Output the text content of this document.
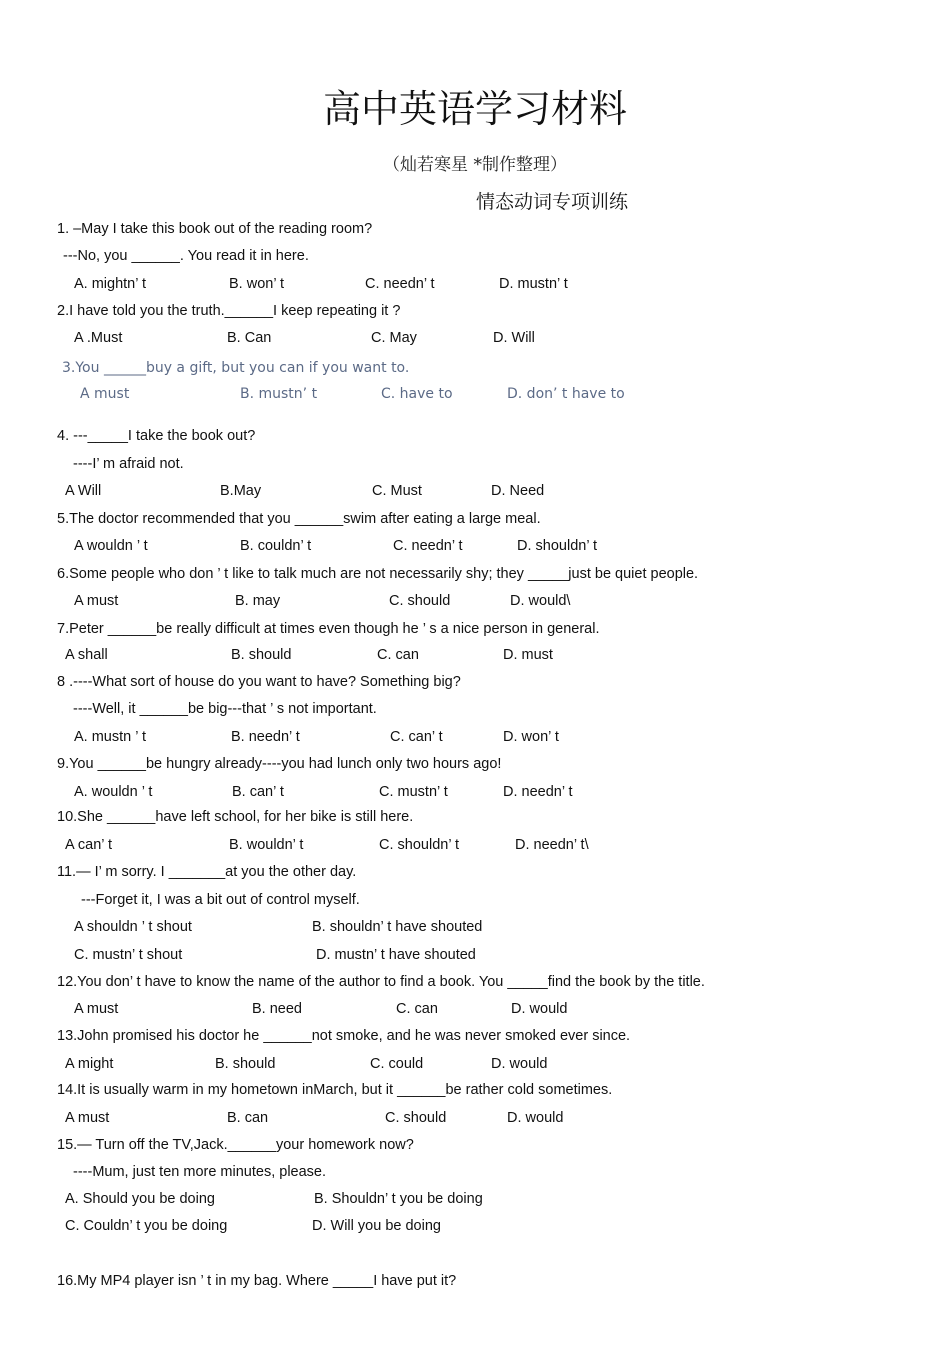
高中英语学习材料
（灿若寒星 *制作整理）
情态动词专项训练
1. –May I take this book out of the reading room?
---No, you ______. You read it in here.
A. mightn’ t	B. won’ t	C. needn’ t	D. mustn’ t
2.I have told you the truth.______I keep repeating it ?
A .Must	B. Can	C. May	D. Will
3.You ______buy a gift, but you can if you want to.
A must	B. mustn’ t	C. have to	D. don’ t have to
4. ---_____I take the book out?
----I’ m afraid not.
A Will	B.May	C. Must	D. Need
5.The doctor recommended that you ______swim after eating a large meal.
A wouldn ’ t	B. couldn’ t	C. needn’ t	D. shouldn’ t
6.Some people who don ’ t like to talk much are not necessarily shy; they _____just be quiet people.
A must	B. may	C. should	D. would\
7.Peter ______be really difficult at times even though he ’ s a nice person in general.
A shall	B. should	C. can	D. must
8 .----What sort of house do you want to have? Something big?
----Well, it ______be big---that ’ s not important.
A. mustn ’ t	B. needn’ t	C. can’ t	D. won’ t
9.You ______be hungry already----you had lunch only two hours ago!
A. wouldn ’ t	B. can’ t	C. mustn’ t	D. needn’ t
10.She ______have left school, for her bike is still here.
A can’ t	B. wouldn’ t	C. shouldn’ t	D. needn’ t\
11.— I’ m sorry. I _______at you the other day.
---Forget it, I was a bit out of control myself.
A shouldn ’ t shout	B. shouldn’ t have shouted
C. mustn’ t shout	D. mustn’ t have shouted
12.You don’ t have to know the name of the author to find a book. You _____find the book by the title.
A must	B. need	C. can	D. would
13.John promised his doctor he ______not smoke, and he was never smoked ever since.
A might	B. should	C. could	D. would
14.It is usually warm in my hometown inMarch, but it ______be rather cold sometimes.
A must	B. can	C. should	D. would
15.— Turn off the TV,Jack.______your homework now?
----Mum, just ten more minutes, please.
A. Should you be doing	B. Shouldn’ t you be doing
C. Couldn’ t you be doing	D. Will you be doing
16.My MP4 player isn ’ t in my bag. Where _____I have put it?
